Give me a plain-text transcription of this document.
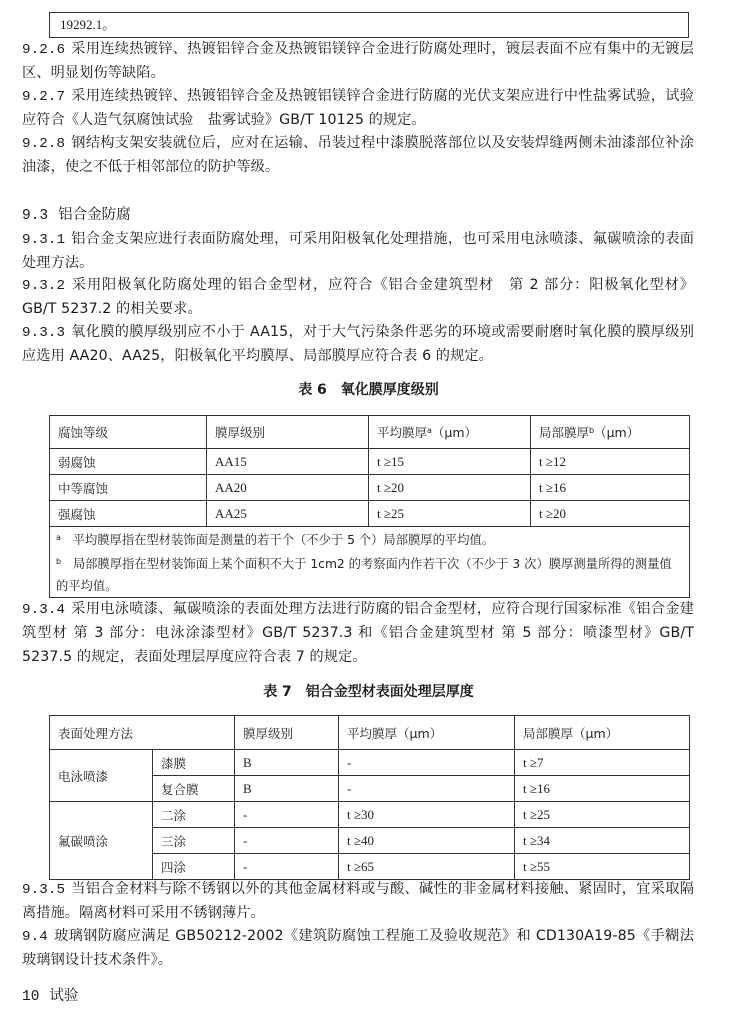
19292.1。
9.2.6 采用连续热镀锌、热镀铝锌合金及热镀铝镁锌合金进行防腐处理时，镀层表面不应有集中的无镀层区、明显划伤等缺陷。
9.2.7 采用连续热镀锌、热镀铝锌合金及热镀铝镁锌合金进行防腐的光伏支架应进行中性盐雾试验，试验应符合《人造气氛腐蚀试验　盐雾试验》GB/T 10125 的规定。
9.2.8 钢结构支架安装就位后，应对在运输、吊装过程中漆膜脱落部位以及安装焊缝两侧未油漆部位补涂油漆，使之不低于相邻部位的防护等级。
9.3 铝合金防腐
9.3.1 铝合金支架应进行表面防腐处理，可采用阳极氧化处理措施，也可采用电泳喷漆、氟碳喷涂的表面处理方法。
9.3.2 采用阳极氧化防腐处理的铝合金型材，应符合《铝合金建筑型材　第 2 部分：阳极氧化型材》GB/T 5237.2 的相关要求。
9.3.3 氧化膜的膜厚级别应不小于 AA15，对于大气污染条件恶劣的环境或需要耐磨时氧化膜的膜厚级别应选用 AA20、AA25，阳极氧化平均膜厚、局部膜厚应符合表 6 的规定。
表 6　氧化膜厚度级别
腐蚀等级	膜厚级别	平均膜厚$^a$（μm）	局部膜厚$^b$（μm）
弱腐蚀	AA15	t ≥15	t ≥12
中等腐蚀	AA20	t ≥20	t ≥16
强腐蚀	AA25	t ≥25	t ≥20

$^a$ 平均膜厚指在型材装饰面是测量的若干个（不少于 5 个）局部膜厚的平均值。
$^b$ 局部膜厚指在型材装饰面上某个面积不大于 1cm2 的考察面内作若干次（不少于 3 次）膜厚测量所得的测量值的平均值。			
9.3.4 采用电泳喷漆、氟碳喷涂的表面处理方法进行防腐的铝合金型材，应符合现行国家标准《铝合金建筑型材 第 3 部分：电泳涂漆型材》GB/T 5237.3 和《铝合金建筑型材 第 5 部分：喷漆型材》GB/T 5237.5 的规定，表面处理层厚度应符合表 7 的规定。
表 7　铝合金型材表面处理层厚度
表面处理方法		膜厚级别	平均膜厚（μm）	局部膜厚（μm）
电泳喷漆	漆膜	B	-	t ≥7
	复合膜	B	-	t ≥16
氟碳喷涂	二涂	-	t ≥30	t ≥25
	三涂	-	t ≥40	t ≥34
	四涂	-	t ≥65	t ≥55
9.3.5 当铝合金材料与除不锈钢以外的其他金属材料或与酸、碱性的非金属材料接触、紧固时，宜采取隔离措施。隔离材料可采用不锈钢薄片。
9.4 玻璃钢防腐应满足 GB50212-2002《建筑防腐蚀工程施工及验收规范》和 CD130A19-85《手糊法玻璃钢设计技术条件》。
10 试验
